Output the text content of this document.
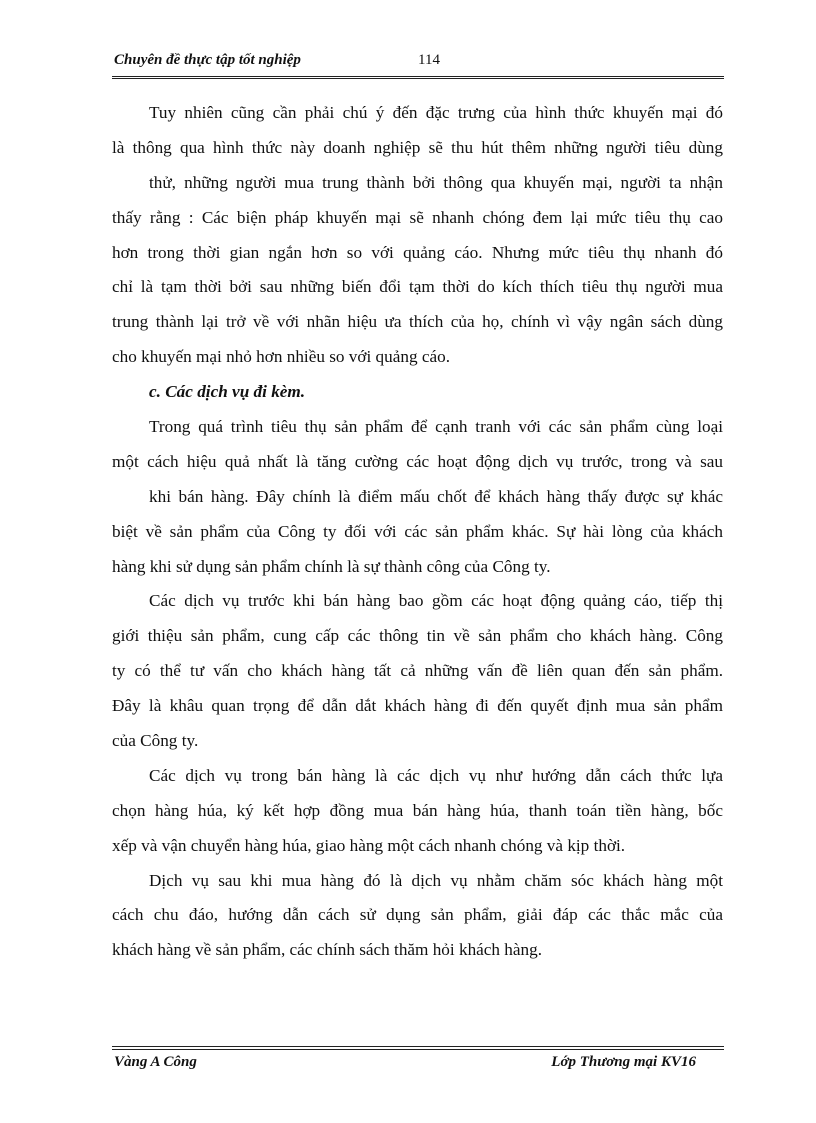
Chuyên đề thực tập tốt nghiệp	114
Tuy nhiên cũng cần phải chú ý đến đặc trưng của hình thức khuyến mại đó
là thông qua hình thức này doanh nghiệp sẽ thu hút thêm những người tiêu dùng
thử, những người mua trung thành bởi thông qua khuyến mại, người ta nhận
thấy rằng : Các biện pháp khuyến mại sẽ nhanh chóng đem lại mức tiêu thụ cao
hơn trong thời gian ngắn hơn so với quảng cáo. Nhưng mức tiêu thụ nhanh đó
chỉ là tạm thời bởi sau những biến đổi tạm thời do kích thích tiêu thụ người mua
trung thành lại trở về với nhãn hiệu ưa thích của họ, chính vì vậy ngân sách dùng
cho khuyến mại nhỏ hơn nhiều so với quảng cáo.
c. Các dịch vụ đi kèm.
Trong quá trình tiêu thụ sản phẩm để cạnh tranh với các sản phẩm cùng loại
một cách hiệu quả nhất là tăng cường các hoạt động dịch vụ trước, trong và sau
khi bán hàng. Đây chính là điểm mấu chốt để khách hàng thấy được sự khác
biệt về sản phẩm của Công ty đối với các sản phẩm khác. Sự hài lòng của khách
hàng khi sử dụng sản phẩm chính là sự thành công của Công ty.
Các dịch vụ trước khi bán hàng bao gồm các hoạt động quảng cáo, tiếp thị
giới thiệu sản phẩm, cung cấp các thông tin về sản phẩm cho khách hàng. Công
ty có thể tư vấn cho khách hàng tất cả những vấn đề liên quan đến sản phẩm.
Đây là khâu quan trọng để dẫn dắt khách hàng đi đến quyết định mua sản phẩm
của Công ty.
Các dịch vụ trong bán hàng là các dịch vụ như hướng dẫn cách thức lựa
chọn hàng húa, ký kết hợp đồng mua bán hàng húa, thanh toán tiền hàng, bốc
xếp và vận chuyển hàng húa, giao hàng một cách nhanh chóng và kịp thời.
Dịch vụ sau khi mua hàng đó là dịch vụ nhằm chăm sóc khách hàng một
cách chu đáo, hướng dẫn cách sử dụng sản phẩm, giải đáp các thắc mắc của
khách hàng về sản phẩm, các chính sách thăm hỏi khách hàng.
Vàng A Công	Lớp Thương mại KV16
